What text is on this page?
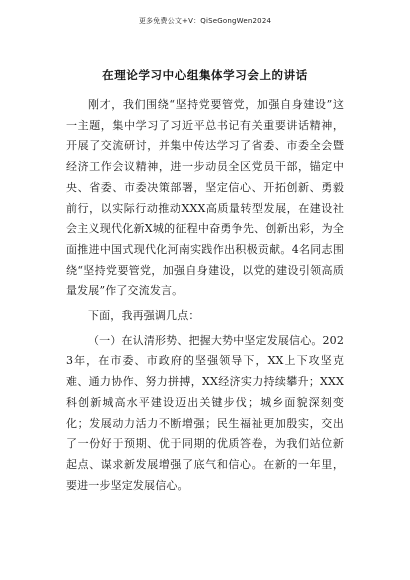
更多免费公文+V：QiSeGongWen2024
在理论学习中心组集体学习会上的讲话

刚才，我们围绕“坚持党要管党，加强自身建设”这一主题，集中学习了习近平总书记有关重要讲话精神，开展了交流研讨，并集中传达学习了省委、市委全会暨经济工作会议精神，进一步动员全区党员干部，锚定中央、省委、市委决策部署，坚定信心、开拓创新、勇毅前行，以实际行动推动XXX高质量转型发展，在建设社会主义现代化新X城的征程中奋勇争先、创新出彩，为全面推进中国式现代化河南实践作出积极贡献。4名同志围绕“坚持党要管党，加强自身建设，以党的建设引领高质量发展”作了交流发言。

下面，我再强调几点：

（一）在认清形势、把握大势中坚定发展信心。2023年，在市委、市政府的坚强领导下，XX上下攻坚克难、通力协作、努力拼搏，XX经济实力持续攀升；XXX科创新城高水平建设迈出关键步伐；城乡面貌深刻变化；发展动力活力不断增强；民生福祉更加殷实，交出了一份好于预期、优于同期的优质答卷，为我们站位新起点、谋求新发展增强了底气和信心。在新的一年里，要进一步坚定发展信心。
